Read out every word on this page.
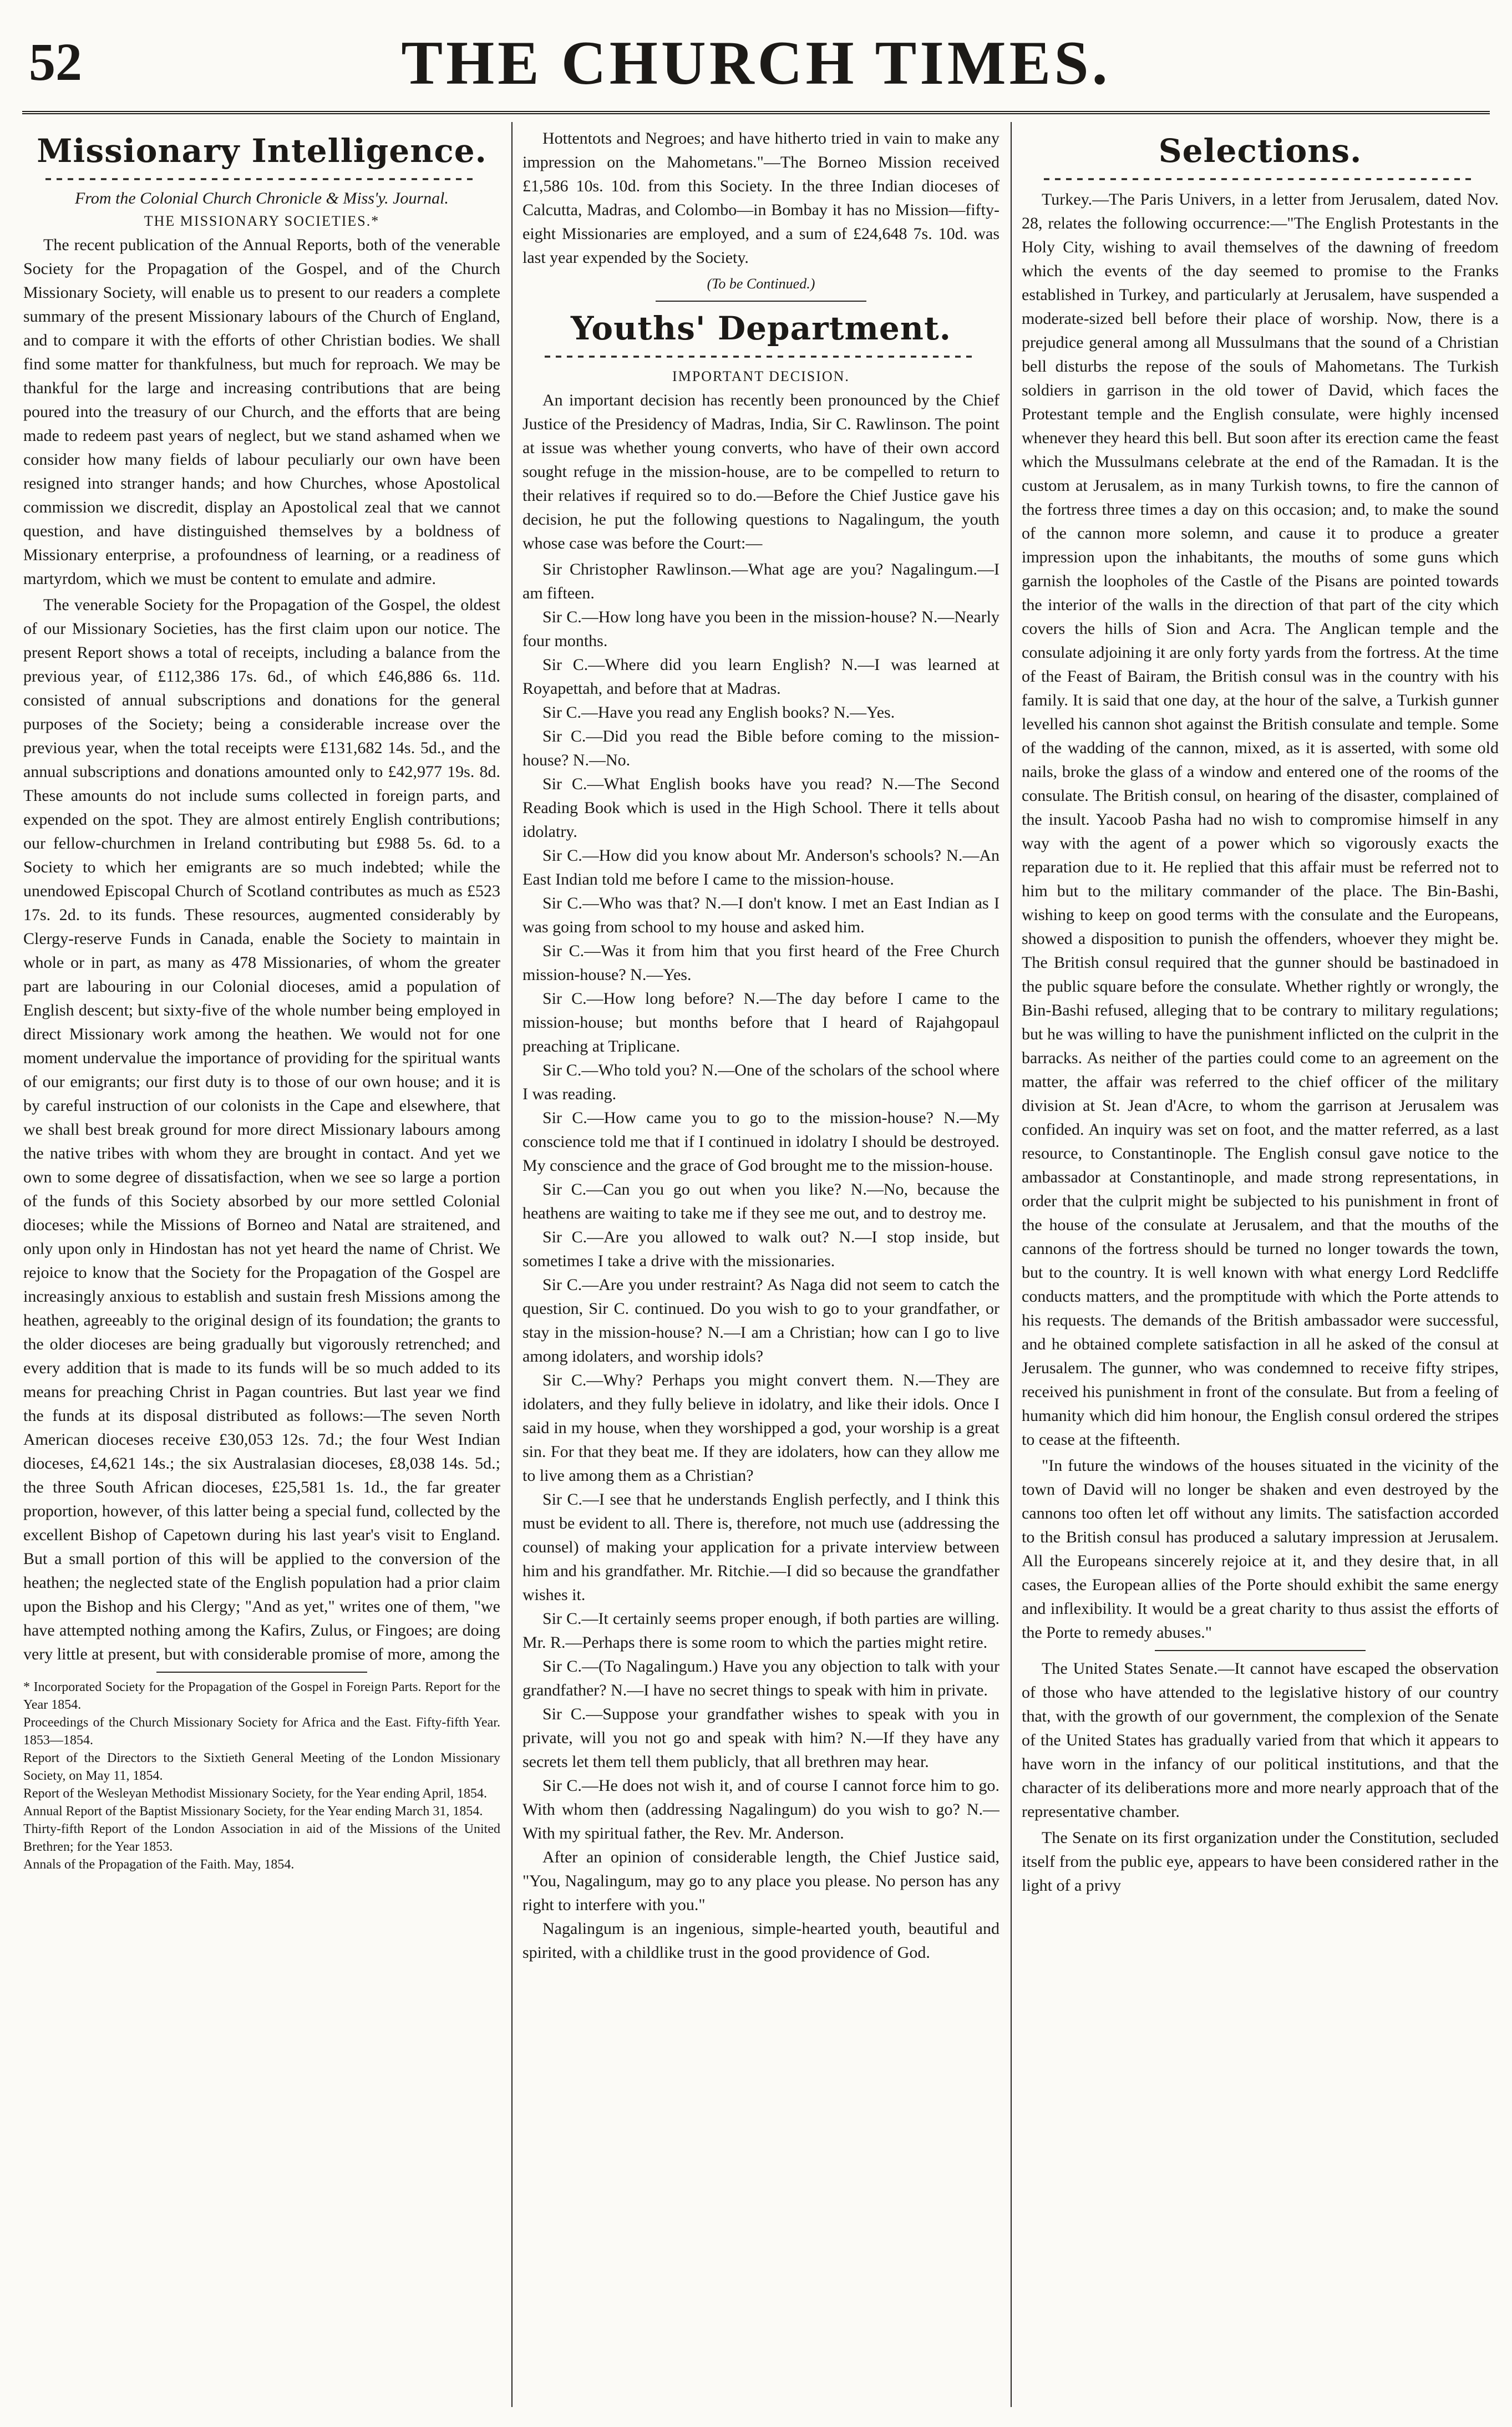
52	THE CHURCH TIMES.
Missionary Intelligence.
From the Colonial Church Chronicle & Miss'y. Journal.
THE MISSIONARY SOCIETIES.*

The recent publication of the Annual Reports, both of the venerable Society for the Propagation of the Gospel, and of the Church Missionary Society, will enable us to present to our readers a complete summary of the present Missionary labours of the Church of England, and to compare it with the efforts of other Christian bodies. We shall find some matter for thankfulness, but much for reproach. We may be thankful for the large and increasing contributions that are being poured into the treasury of our Church, and the efforts that are being made to redeem past years of neglect, but we stand ashamed when we consider how many fields of labour peculiarly our own have been resigned into stranger hands; and how Churches, whose Apostolical commission we discredit, display an Apostolical zeal that we cannot question, and have distinguished themselves by a boldness of Missionary enterprise, a profoundness of learning, or a readiness of martyrdom, which we must be content to emulate and admire.

The venerable Society for the Propagation of the Gospel, the oldest of our Missionary Societies, has the first claim upon our notice. The present Report shows a total of receipts, including a balance from the previous year, of £112,386 17s. 6d., of which £46,886 6s. 11d. consisted of annual subscriptions and donations for the general purposes of the Society; being a considerable increase over the previous year, when the total receipts were £131,682 14s. 5d., and the annual subscriptions and donations amounted only to £42,977 19s. 8d. These amounts do not include sums collected in foreign parts, and expended on the spot. They are almost entirely English contributions; our fellow-churchmen in Ireland contributing but £988 5s. 6d. to a Society to which her emigrants are so much indebted; while the unendowed Episcopal Church of Scotland contributes as much as £523 17s. 2d. to its funds. These resources, augmented considerably by Clergy-reserve Funds in Canada, enable the Society to maintain in whole or in part, as many as 478 Missionaries, of whom the greater part are labouring in our Colonial dioceses, amid a population of English descent; but sixty-five of the whole number being employed in direct Missionary work among the heathen. We would not for one moment undervalue the importance of providing for the spiritual wants of our emigrants; our first duty is to those of our own house; and it is by careful instruction of our colonists in the Cape and elsewhere, that we shall best break ground for more direct Missionary labours among the native tribes with whom they are brought in contact. And yet we own to some degree of dissatisfaction, when we see so large a portion of the funds of this Society absorbed by our more settled Colonial dioceses; while the Missions of Borneo and Natal are straitened, and only upon only in Hindostan has not yet heard the name of Christ. We rejoice to know that the Society for the Propagation of the Gospel are increasingly anxious to establish and sustain fresh Missions among the heathen, agreeably to the original design of its foundation; the grants to the older dioceses are being gradually but vigorously retrenched; and every addition that is made to its funds will be so much added to its means for preaching Christ in Pagan countries. But last year we find the funds at its disposal distributed as follows:—The seven North American dioceses receive £30,053 12s. 7d.; the four West Indian dioceses, £4,621 14s.; the six Australasian dioceses, £8,038 14s. 5d.; the three South African dioceses, £25,581 1s. 1d., the far greater proportion, however, of this latter being a special fund, collected by the excellent Bishop of Capetown during his last year's visit to England. But a small portion of this will be applied to the conversion of the heathen; the neglected state of the English population had a prior claim upon the Bishop and his Clergy; "And as yet," writes one of them, "we have attempted nothing among the Kafirs, Zulus, or Fingoes; are doing very little at present, but with considerable promise of more, among the

* Incorporated Society for the Propagation of the Gospel in Foreign Parts. Report for the Year 1854.
Proceedings of the Church Missionary Society for Africa and the East. Fifty-fifth Year. 1853—1854.
Report of the Directors to the Sixtieth General Meeting of the London Missionary Society, on May 11, 1854.
Report of the Wesleyan Methodist Missionary Society, for the Year ending April, 1854.
Annual Report of the Baptist Missionary Society, for the Year ending March 31, 1854.
Thirty-fifth Report of the London Association in aid of the Missions of the United Brethren; for the Year 1853.
Annals of the Propagation of the Faith. May, 1854.

Hottentots and Negroes; and have hitherto tried in vain to make any impression on the Mahometans."—The Borneo Mission received £1,586 10s. 10d. from this Society. In the three Indian dioceses of Calcutta, Madras, and Colombo—in Bombay it has no Mission—fifty-eight Missionaries are employed, and a sum of £24,648 7s. 10d. was last year expended by the Society.

(To be Continued.)
Youths' Department.
IMPORTANT DECISION.

An important decision has recently been pronounced by the Chief Justice of the Presidency of Madras, India, Sir C. Rawlinson. The point at issue was whether young converts, who have of their own accord sought refuge in the mission-house, are to be compelled to return to their relatives if required so to do.—Before the Chief Justice gave his decision, he put the following questions to Nagalingum, the youth whose case was before the Court:—

Sir Christopher Rawlinson.—What age are you? Nagalingum.—I am fifteen.

Sir C.—How long have you been in the mission-house? N.—Nearly four months.

Sir C.—Where did you learn English? N.—I was learned at Royapettah, and before that at Madras.

Sir C.—Have you read any English books? N.—Yes.

Sir C.—Did you read the Bible before coming to the mission-house? N.—No.

Sir C.—What English books have you read? N.—The Second Reading Book which is used in the High School. There it tells about idolatry.

Sir C.—How did you know about Mr. Anderson's schools? N.—An East Indian told me before I came to the mission-house.

Sir C.—Who was that? N.—I don't know. I met an East Indian as I was going from school to my house and asked him.

Sir C.—Was it from him that you first heard of the Free Church mission-house? N.—Yes.

Sir C.—How long before? N.—The day before I came to the mission-house; but months before that I heard of Rajahgopaul preaching at Triplicane.

Sir C.—Who told you? N.—One of the scholars of the school where I was reading.

Sir C.—How came you to go to the mission-house? N.—My conscience told me that if I continued in idolatry I should be destroyed. My conscience and the grace of God brought me to the mission-house.

Sir C.—Can you go out when you like? N.—No, because the heathens are waiting to take me if they see me out, and to destroy me.

Sir C.—Are you allowed to walk out? N.—I stop inside, but sometimes I take a drive with the missionaries.

Sir C.—Are you under restraint? As Naga did not seem to catch the question, Sir C. continued. Do you wish to go to your grandfather, or stay in the mission-house? N.—I am a Christian; how can I go to live among idolaters, and worship idols?

Sir C.—Why? Perhaps you might convert them. N.—They are idolaters, and they fully believe in idolatry, and like their idols. Once I said in my house, when they worshipped a god, your worship is a great sin. For that they beat me. If they are idolaters, how can they allow me to live among them as a Christian?

Sir C.—I see that he understands English perfectly, and I think this must be evident to all. There is, therefore, not much use (addressing the counsel) of making your application for a private interview between him and his grandfather. Mr. Ritchie.—I did so because the grandfather wishes it.

Sir C.—It certainly seems proper enough, if both parties are willing. Mr. R.—Perhaps there is some room to which the parties might retire.

Sir C.—(To Nagalingum.) Have you any objection to talk with your grandfather? N.—I have no secret things to speak with him in private.

Sir C.—Suppose your grandfather wishes to speak with you in private, will you not go and speak with him? N.—If they have any secrets let them tell them publicly, that all brethren may hear.

Sir C.—He does not wish it, and of course I cannot force him to go. With whom then (addressing Nagalingum) do you wish to go? N.—With my spiritual father, the Rev. Mr. Anderson.

After an opinion of considerable length, the Chief Justice said, "You, Nagalingum, may go to any place you please. No person has any right to interfere with you."

Nagalingum is an ingenious, simple-hearted youth, beautiful and spirited, with a childlike trust in the good providence of God.

Selections.

Turkey.—The Paris Univers, in a letter from Jerusalem, dated Nov. 28, relates the following occurrence:—"The English Protestants in the Holy City, wishing to avail themselves of the dawning of freedom which the events of the day seemed to promise to the Franks established in Turkey, and particularly at Jerusalem, have suspended a moderate-sized bell before their place of worship. Now, there is a prejudice general among all Mussulmans that the sound of a Christian bell disturbs the repose of the souls of Mahometans. The Turkish soldiers in garrison in the old tower of David, which faces the Protestant temple and the English consulate, were highly incensed whenever they heard this bell. But soon after its erection came the feast which the Mussulmans celebrate at the end of the Ramadan. It is the custom at Jerusalem, as in many Turkish towns, to fire the cannon of the fortress three times a day on this occasion; and, to make the sound of the cannon more solemn, and cause it to produce a greater impression upon the inhabitants, the mouths of some guns which garnish the loopholes of the Castle of the Pisans are pointed towards the interior of the walls in the direction of that part of the city which covers the hills of Sion and Acra. The Anglican temple and the consulate adjoining it are only forty yards from the fortress. At the time of the Feast of Bairam, the British consul was in the country with his family. It is said that one day, at the hour of the salve, a Turkish gunner levelled his cannon shot against the British consulate and temple. Some of the wadding of the cannon, mixed, as it is asserted, with some old nails, broke the glass of a window and entered one of the rooms of the consulate. The British consul, on hearing of the disaster, complained of the insult. Yacoob Pasha had no wish to compromise himself in any way with the agent of a power which so vigorously exacts the reparation due to it. He replied that this affair must be referred not to him but to the military commander of the place. The Bin-Bashi, wishing to keep on good terms with the consulate and the Europeans, showed a disposition to punish the offenders, whoever they might be. The British consul required that the gunner should be bastinadoed in the public square before the consulate. Whether rightly or wrongly, the Bin-Bashi refused, alleging that to be contrary to military regulations; but he was willing to have the punishment inflicted on the culprit in the barracks. As neither of the parties could come to an agreement on the matter, the affair was referred to the chief officer of the military division at St. Jean d'Acre, to whom the garrison at Jerusalem was confided. An inquiry was set on foot, and the matter referred, as a last resource, to Constantinople. The English consul gave notice to the ambassador at Constantinople, and made strong representations, in order that the culprit might be subjected to his punishment in front of the house of the consulate at Jerusalem, and that the mouths of the cannons of the fortress should be turned no longer towards the town, but to the country. It is well known with what energy Lord Redcliffe conducts matters, and the promptitude with which the Porte attends to his requests. The demands of the British ambassador were successful, and he obtained complete satisfaction in all he asked of the consul at Jerusalem. The gunner, who was condemned to receive fifty stripes, received his punishment in front of the consulate. But from a feeling of humanity which did him honour, the English consul ordered the stripes to cease at the fifteenth.

"In future the windows of the houses situated in the vicinity of the town of David will no longer be shaken and even destroyed by the cannons too often let off without any limits. The satisfaction accorded to the British consul has produced a salutary impression at Jerusalem. All the Europeans sincerely rejoice at it, and they desire that, in all cases, the European allies of the Porte should exhibit the same energy and inflexibility. It would be a great charity to thus assist the efforts of the Porte to remedy abuses."

The United States Senate.—It cannot have escaped the observation of those who have attended to the legislative history of our country that, with the growth of our government, the complexion of the Senate of the United States has gradually varied from that which it appears to have worn in the infancy of our political institutions, and that the character of its deliberations more and more nearly approach that of the representative chamber.

The Senate on its first organization under the Constitution, secluded itself from the public eye, appears to have been considered rather in the light of a privy
